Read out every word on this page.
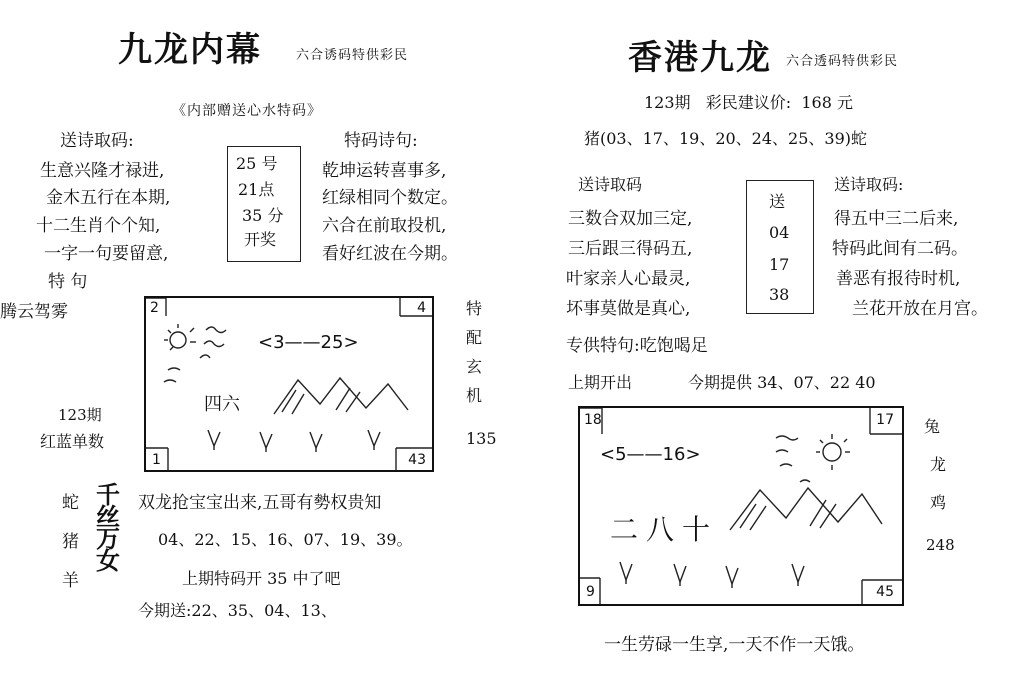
九龙内幕	六合诱码特供彩民
《内部赠送心水特码》
送诗取码:
生意兴隆才禄进,
金木五行在本期,
十二生肖个个知,
一字一句要留意,
25 号
21点
35 分
开奖
特码诗句:
乾坤运转喜事多,
红绿相同个数定。
六合在前取投机,
看好红波在今期。
特 句
腾云驾雾	特
配
玄
机
123期
红蓝单数	135
2	4
1	43
<3——25>
四六
蛇
猪
羊
千丝万女
双龙抢宝宝出来,五哥有勢权贵知
04、22、15、16、07、19、39。
上期特码开 35 中了吧
今期送:22、35、04、13、
香港九龙 六合透码特供彩民
123期   彩民建议价:  168 元
猪(03、17、19、20、24、25、39)蛇
送诗取码
三数合双加三定,
三后跟三得码五,
叶家亲人心最灵,
坏事莫做是真心,
送
04
17
38
送诗取码:
得五中三二后来,
特码此间有二码。
善恶有报待时机,
兰花开放在月宫。
专供特句:吃饱喝足
上期开出	今期提供 34、07、22 40
18	17
9	45
<5——16>
二八十
兔
龙
鸡
248
一生劳碌一生享,一天不作一天饿。
